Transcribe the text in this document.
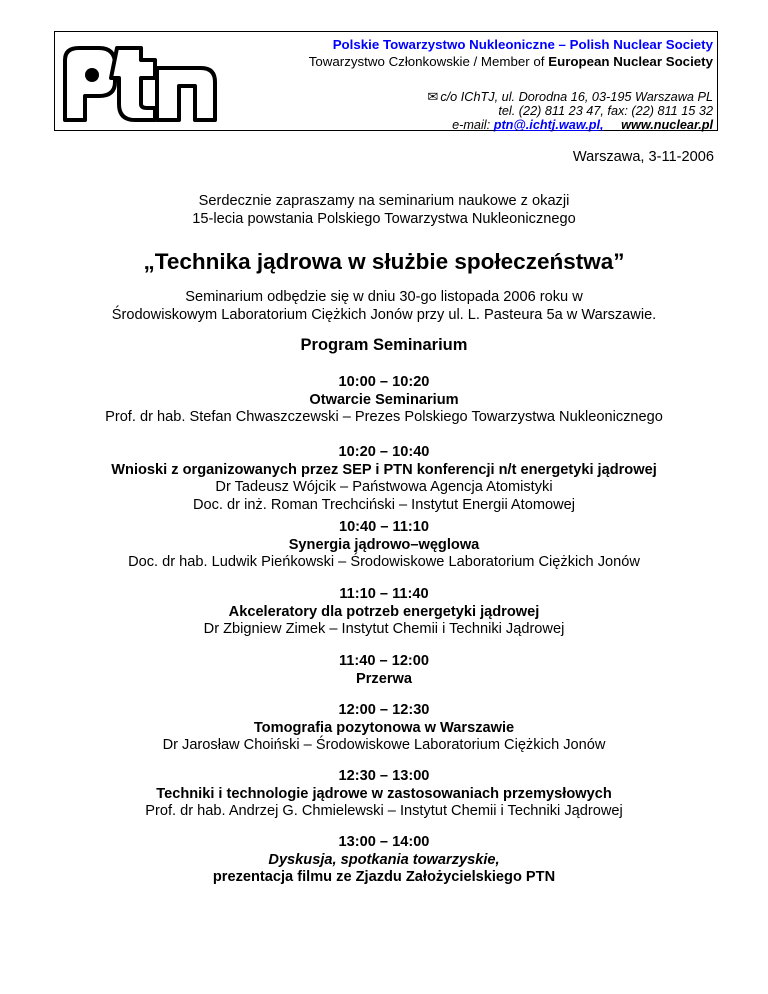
Polskie Towarzystwo Nukleoniczne – Polish Nuclear Society
Towarzystwo Członkowskie / Member of European Nuclear Society
✉ c/o IChTJ, ul. Dorodna 16, 03-195 Warszawa PL
tel. (22) 811 23 47, fax: (22) 811 15 32
e-mail: ptn@.ichtj.waw.pl, www.nuclear.pl
Warszawa, 3-11-2006
Serdecznie zapraszamy na seminarium naukowe z okazji
15-lecia powstania Polskiego Towarzystwa Nukleonicznego
„Technika jądrowa w służbie społeczeństwa”
Seminarium odbędzie się w dniu 30-go listopada 2006 roku w
Środowiskowym Laboratorium Ciężkich Jonów przy ul. L. Pasteura 5a w Warszawie.
Program Seminarium
10:00 – 10:20
Otwarcie Seminarium
Prof. dr hab. Stefan Chwaszczewski – Prezes Polskiego Towarzystwa Nukleonicznego
10:20 – 10:40
Wnioski z organizowanych przez SEP i PTN konferencji n/t energetyki jądrowej
Dr Tadeusz Wójcik – Państwowa Agencja Atomistyki
Doc. dr inż. Roman Trechciński – Instytut Energii Atomowej
10:40 – 11:10
Synergia jądrowo–węglowa
Doc. dr hab. Ludwik Pieńkowski – Środowiskowe Laboratorium Ciężkich Jonów
11:10 – 11:40
Akceleratory dla potrzeb energetyki jądrowej
Dr Zbigniew Zimek – Instytut Chemii i Techniki Jądrowej
11:40 – 12:00
Przerwa
12:00 – 12:30
Tomografia pozytonowa w Warszawie
Dr Jarosław Choiński – Środowiskowe Laboratorium Ciężkich Jonów
12:30 – 13:00
Techniki i technologie jądrowe w zastosowaniach przemysłowych
Prof. dr hab. Andrzej G. Chmielewski – Instytut Chemii i Techniki Jądrowej
13:00 – 14:00
Dyskusja, spotkania towarzyskie,
prezentacja filmu ze Zjazdu Założycielskiego PTN
